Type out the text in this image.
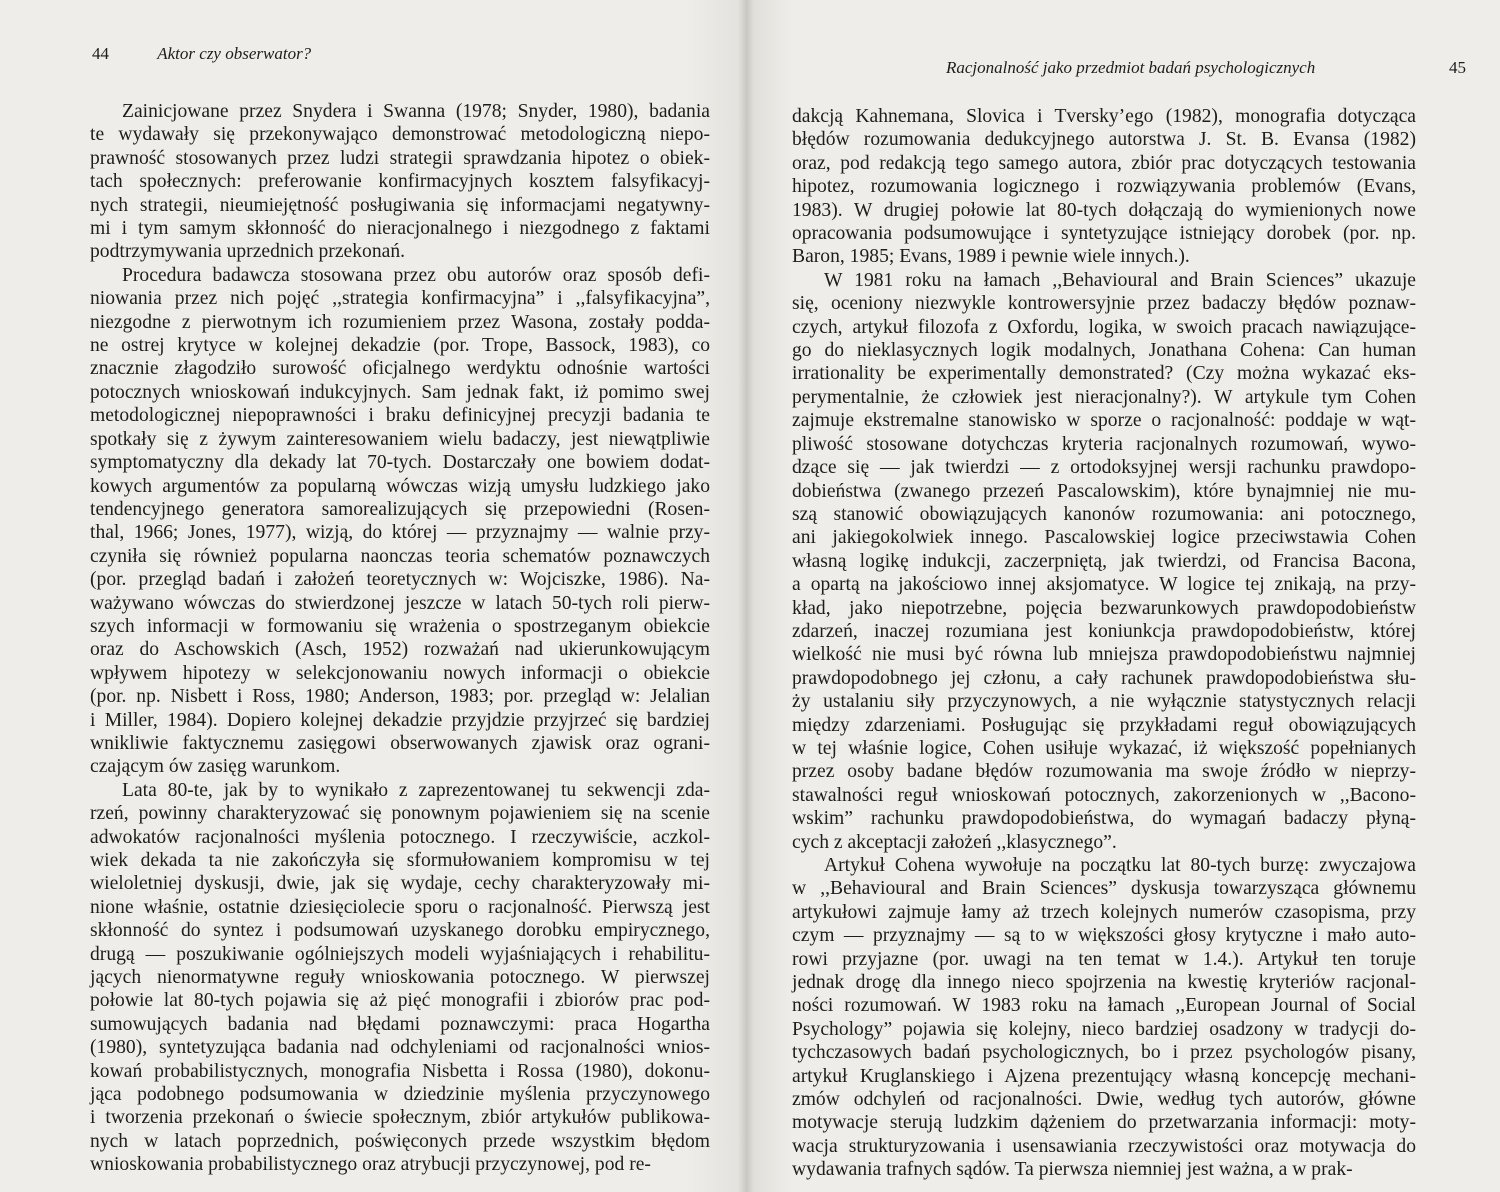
44	Aktor czy obserwator?

Zainicjowane przez Snydera i Swanna (1978; Snyder, 1980), badania
te wydawały się przekonywająco demonstrować metodologiczną niepo-
prawność stosowanych przez ludzi strategii sprawdzania hipotez o obiek-
tach społecznych: preferowanie konfirmacyjnych kosztem falsyfikacyj-
nych strategii, nieumiejętność posługiwania się informacjami negatywny-
mi i tym samym skłonność do nieracjonalnego i niezgodnego z faktami
podtrzymywania uprzednich przekonań.

Procedura badawcza stosowana przez obu autorów oraz sposób defi-
niowania przez nich pojęć ,,strategia konfirmacyjna” i ,,falsyfikacyjna”,
niezgodne z pierwotnym ich rozumieniem przez Wasona, zostały podda-
ne ostrej krytyce w kolejnej dekadzie (por. Trope, Bassock, 1983), co
znacznie złagodziło surowość oficjalnego werdyktu odnośnie wartości
potocznych wnioskowań indukcyjnych. Sam jednak fakt, iż pomimo swej
metodologicznej niepoprawności i braku definicyjnej precyzji badania te
spotkały się z żywym zainteresowaniem wielu badaczy, jest niewątpliwie
symptomatyczny dla dekady lat 70-tych. Dostarczały one bowiem dodat-
kowych argumentów za popularną wówczas wizją umysłu ludzkiego jako
tendencyjnego generatora samorealizujących się przepowiedni (Rosen-
thal, 1966; Jones, 1977), wizją, do której — przyznajmy — walnie przy-
czyniła się również popularna naonczas teoria schematów poznawczych
(por. przegląd badań i założeń teoretycznych w: Wojciszke, 1986). Na-
ważywano wówczas do stwierdzonej jeszcze w latach 50-tych roli pierw-
szych informacji w formowaniu się wrażenia o spostrzeganym obiekcie
oraz do Aschowskich (Asch, 1952) rozważań nad ukierunkowującym
wpływem hipotezy w selekcjonowaniu nowych informacji o obiekcie
(por. np. Nisbett i Ross, 1980; Anderson, 1983; por. przegląd w: Jelalian
i Miller, 1984). Dopiero kolejnej dekadzie przyjdzie przyjrzeć się bardziej
wnikliwie faktycznemu zasięgowi obserwowanych zjawisk oraz ograni-
czającym ów zasięg warunkom.

Lata 80-te, jak by to wynikało z zaprezentowanej tu sekwencji zda-
rzeń, powinny charakteryzować się ponownym pojawieniem się na scenie
adwokatów racjonalności myślenia potocznego. I rzeczywiście, aczkol-
wiek dekada ta nie zakończyła się sformułowaniem kompromisu w tej
wieloletniej dyskusji, dwie, jak się wydaje, cechy charakteryzowały mi-
nione właśnie, ostatnie dziesięciolecie sporu o racjonalność. Pierwszą jest
skłonność do syntez i podsumowań uzyskanego dorobku empirycznego,
drugą — poszukiwanie ogólniejszych modeli wyjaśniających i rehabilitu-
jących nienormatywne reguły wnioskowania potocznego. W pierwszej
połowie lat 80-tych pojawia się aż pięć monografii i zbiorów prac pod-
sumowujących badania nad błędami poznawczymi: praca Hogartha
(1980), syntetyzująca badania nad odchyleniami od racjonalności wnios-
kowań probabilistycznych, monografia Nisbetta i Rossa (1980), dokonu-
jąca podobnego podsumowania w dziedzinie myślenia przyczynowego
i tworzenia przekonań o świecie społecznym, zbiór artykułów publikowa-
nych w latach poprzednich, poświęconych przede wszystkim błędom
wnioskowania probabilistycznego oraz atrybucji przyczynowej, pod re-

Racjonalność jako przedmiot badań psychologicznych	45

dakcją Kahnemana, Slovica i Tversky’ego (1982), monografia dotycząca
błędów rozumowania dedukcyjnego autorstwa J. St. B. Evansa (1982)
oraz, pod redakcją tego samego autora, zbiór prac dotyczących testowania
hipotez, rozumowania logicznego i rozwiązywania problemów (Evans,
1983). W drugiej połowie lat 80-tych dołączają do wymienionych nowe
opracowania podsumowujące i syntetyzujące istniejący dorobek (por. np.
Baron, 1985; Evans, 1989 i pewnie wiele innych.).

W 1981 roku na łamach ,,Behavioural and Brain Sciences” ukazuje
się, oceniony niezwykle kontrowersyjnie przez badaczy błędów poznaw-
czych, artykuł filozofa z Oxfordu, logika, w swoich pracach nawiązujące-
go do nieklasycznych logik modalnych, Jonathana Cohena: Can human
irrationality be experimentally demonstrated? (Czy można wykazać eks-
perymentalnie, że człowiek jest nieracjonalny?). W artykule tym Cohen
zajmuje ekstremalne stanowisko w sporze o racjonalność: poddaje w wąt-
pliwość stosowane dotychczas kryteria racjonalnych rozumowań, wywo-
dzące się — jak twierdzi — z ortodoksyjnej wersji rachunku prawdopo-
dobieństwa (zwanego przezeń Pascalowskim), które bynajmniej nie mu-
szą stanowić obowiązujących kanonów rozumowania: ani potocznego,
ani jakiegokolwiek innego. Pascalowskiej logice przeciwstawia Cohen
własną logikę indukcji, zaczerpniętą, jak twierdzi, od Francisa Bacona,
a opartą na jakościowo innej aksjomatyce. W logice tej znikają, na przy-
kład, jako niepotrzebne, pojęcia bezwarunkowych prawdopodobieństw
zdarzeń, inaczej rozumiana jest koniunkcja prawdopodobieństw, której
wielkość nie musi być równa lub mniejsza prawdopodobieństwu najmniej
prawdopodobnego jej członu, a cały rachunek prawdopodobieństwa słu-
ży ustalaniu siły przyczynowych, a nie wyłącznie statystycznych relacji
między zdarzeniami. Posługując się przykładami reguł obowiązujących
w tej właśnie logice, Cohen usiłuje wykazać, iż większość popełnianych
przez osoby badane błędów rozumowania ma swoje źródło w nieprzy-
stawalności reguł wnioskowań potocznych, zakorzenionych w ,,Bacono-
wskim” rachunku prawdopodobieństwa, do wymagań badaczy płyną-
cych z akceptacji założeń ,,klasycznego”.

Artykuł Cohena wywołuje na początku lat 80-tych burzę: zwyczajowa
w ,,Behavioural and Brain Sciences” dyskusja towarzysząca głównemu
artykułowi zajmuje łamy aż trzech kolejnych numerów czasopisma, przy
czym — przyznajmy — są to w większości głosy krytyczne i mało auto-
rowi przyjazne (por. uwagi na ten temat w 1.4.). Artykuł ten toruje
jednak drogę dla innego nieco spojrzenia na kwestię kryteriów racjonal-
ności rozumowań. W 1983 roku na łamach ,,European Journal of Social
Psychology” pojawia się kolejny, nieco bardziej osadzony w tradycji do-
tychczasowych badań psychologicznych, bo i przez psychologów pisany,
artykuł Kruglanskiego i Ajzena prezentujący własną koncepcję mechani-
zmów odchyleń od racjonalności. Dwie, według tych autorów, główne
motywacje sterują ludzkim dążeniem do przetwarzania informacji: moty-
wacja strukturyzowania i usensawiania rzeczywistości oraz motywacja do
wydawania trafnych sądów. Ta pierwsza niemniej jest ważna, a w prak-
